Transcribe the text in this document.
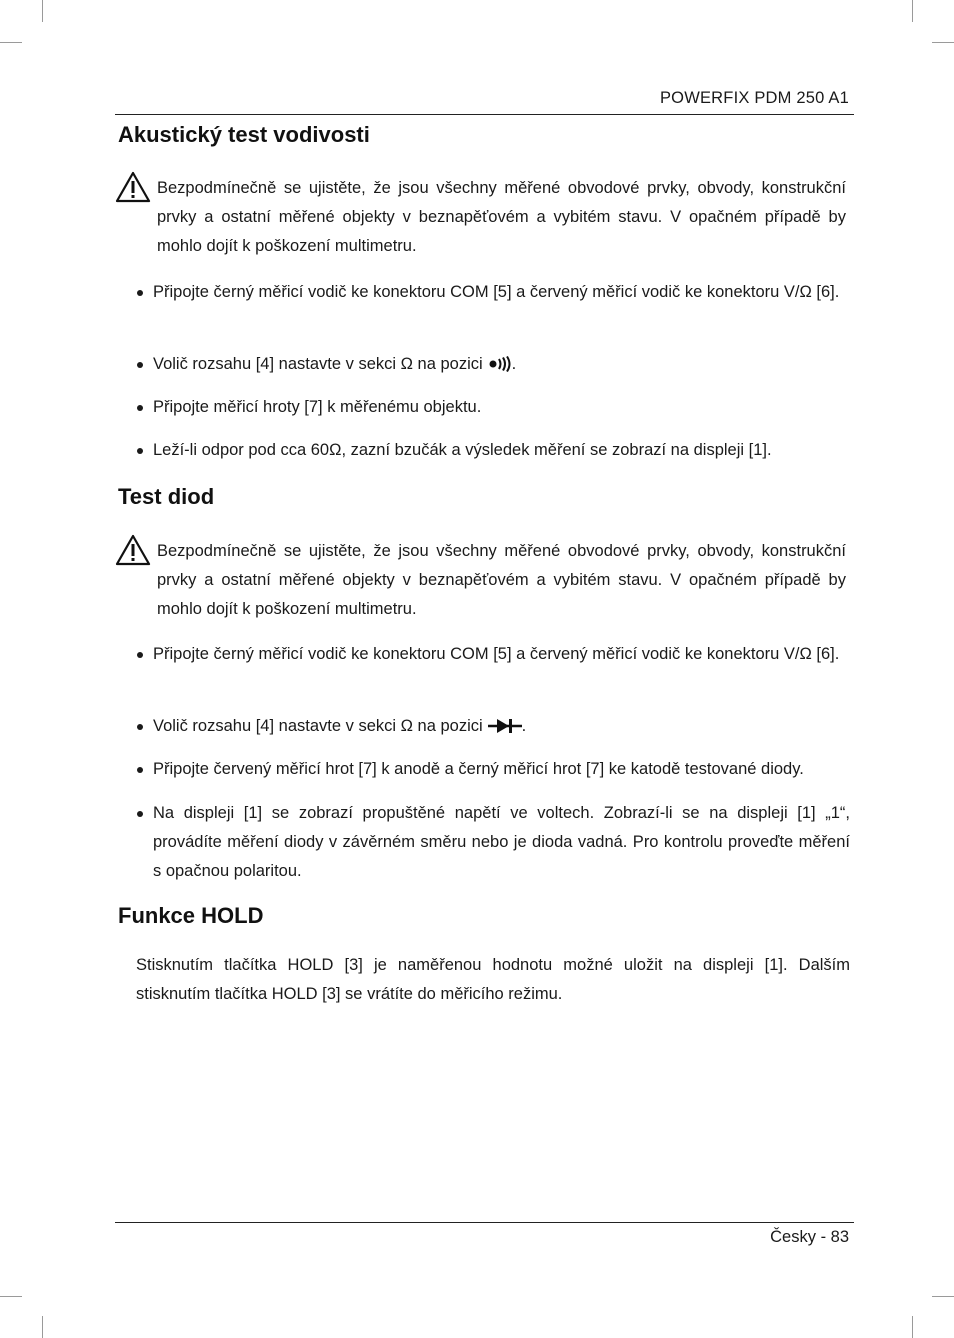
POWERFIX PDM 250 A1
Akustický test vodivosti

Bezpodmínečně se ujistěte, že jsou všechny měřené obvodové prvky, obvody, konstrukční prvky a ostatní měřené objekty v beznapěťovém a vybitém stavu. V opačném případě by mohlo dojít k poškození multimetru.

Připojte černý měřicí vodič ke konektoru COM [5] a červený měřicí vodič ke konektoru V/Ω [6].

Volič rozsahu [4] nastavte v sekci Ω na pozici .

Připojte měřicí hroty [7] k měřenému objektu.

Leží-li odpor pod cca 60Ω, zazní bzučák a výsledek měření se zobrazí na displeji [1].

Test diod

Bezpodmínečně se ujistěte, že jsou všechny měřené obvodové prvky, obvody, konstrukční prvky a ostatní měřené objekty v beznapěťovém a vybitém stavu. V opačném případě by mohlo dojít k poškození multimetru.

Připojte černý měřicí vodič ke konektoru COM [5] a červený měřicí vodič ke konektoru V/Ω [6].

Volič rozsahu [4] nastavte v sekci Ω na pozici .

Připojte červený měřicí hrot [7] k anodě a černý měřicí hrot [7] ke katodě testované diody.

Na displeji [1] se zobrazí propuštěné napětí ve voltech. Zobrazí-li se na displeji [1] „1“, provádíte měření diody v závěrném směru nebo je dioda vadná. Pro kontrolu proveďte měření s opačnou polaritou.

Funkce HOLD

Stisknutím tlačítka HOLD [3] je naměřenou hodnotu možné uložit na displeji [1]. Dalším stisknutím tlačítka HOLD [3] se vrátíte do měřicího režimu.

Česky - 83
